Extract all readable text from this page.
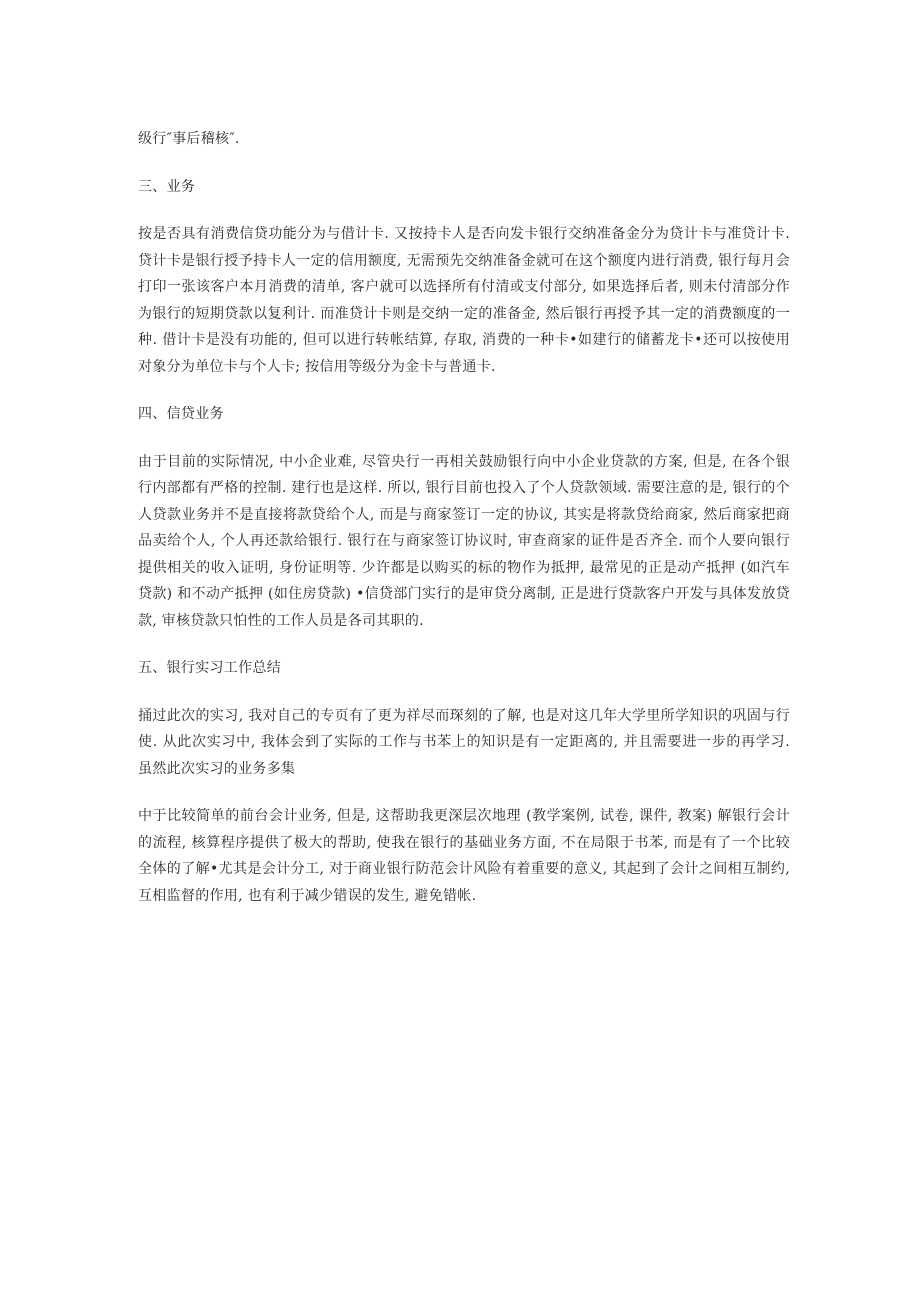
级行″事后稽核″.

三、业务

按是否具有消费信贷功能分为与借计卡. 又按持卡人是否向发卡银行交纳准备金分为贷计卡与准贷计卡. 贷计卡是银行授予持卡人一定的信用额度, 无需预先交纳准备金就可在这个额度内进行消费, 银行每月会打印一张该客户本月消费的清单, 客户就可以选择所有付清或支付部分, 如果选择后者, 则未付清部分作为银行的短期贷款以复利计. 而准贷计卡则是交纳一定的准备金, 然后银行再授予其一定的消费额度的一种. 借计卡是没有功能的, 但可以进行转帐结算, 存取, 消费的一种卡•如建行的储蓄龙卡•还可以按使用对象分为单位卡与个人卡; 按信用等级分为金卡与普通卡.

四、信贷业务

由于目前的实际情况, 中小企业难, 尽管央行一再相关鼓励银行向中小企业贷款的方案, 但是, 在各个银行内部都有严格的控制. 建行也是这样. 所以, 银行目前也投入了个人贷款领域. 需要注意的是, 银行的个人贷款业务并不是直接将款贷给个人, 而是与商家签订一定的协议, 其实是将款贷给商家, 然后商家把商品卖给个人, 个人再还款给银行. 银行在与商家签订协议时, 审查商家的证件是否齐全. 而个人要向银行提供相关的收入证明, 身份证明等. 少许都是以购买的标的物作为抵押, 最常见的正是动产抵押 (如汽车贷款) 和不动产抵押 (如住房贷款) •信贷部门实行的是审贷分离制, 正是进行贷款客户开发与具体发放贷款, 审核贷款只怕性的工作人员是各司其职的.

五、银行实习工作总结

捅过此次的实习, 我对自己的专页有了更为祥尽而琛刻的了解, 也是对这几年大学里所学知识的巩固与行使. 从此次实习中, 我体会到了实际的工作与书苯上的知识是有一定距离的, 并且需要进一步的再学习. 虽然此次实习的业务多集

中于比较简单的前台会计业务, 但是, 这帮助我更深层次地理 (教学案例, 试卷, 课件, 教案) 解银行会计的流程, 核算程序提供了极大的帮助, 使我在银行的基础业务方面, 不在局限于书苯, 而是有了一个比较全体的了解•尤其是会计分工, 对于商业银行防范会计风险有着重要的意义, 其起到了会计之间相互制约, 互相监督的作用, 也有利于减少错误的发生, 避免错帐.
